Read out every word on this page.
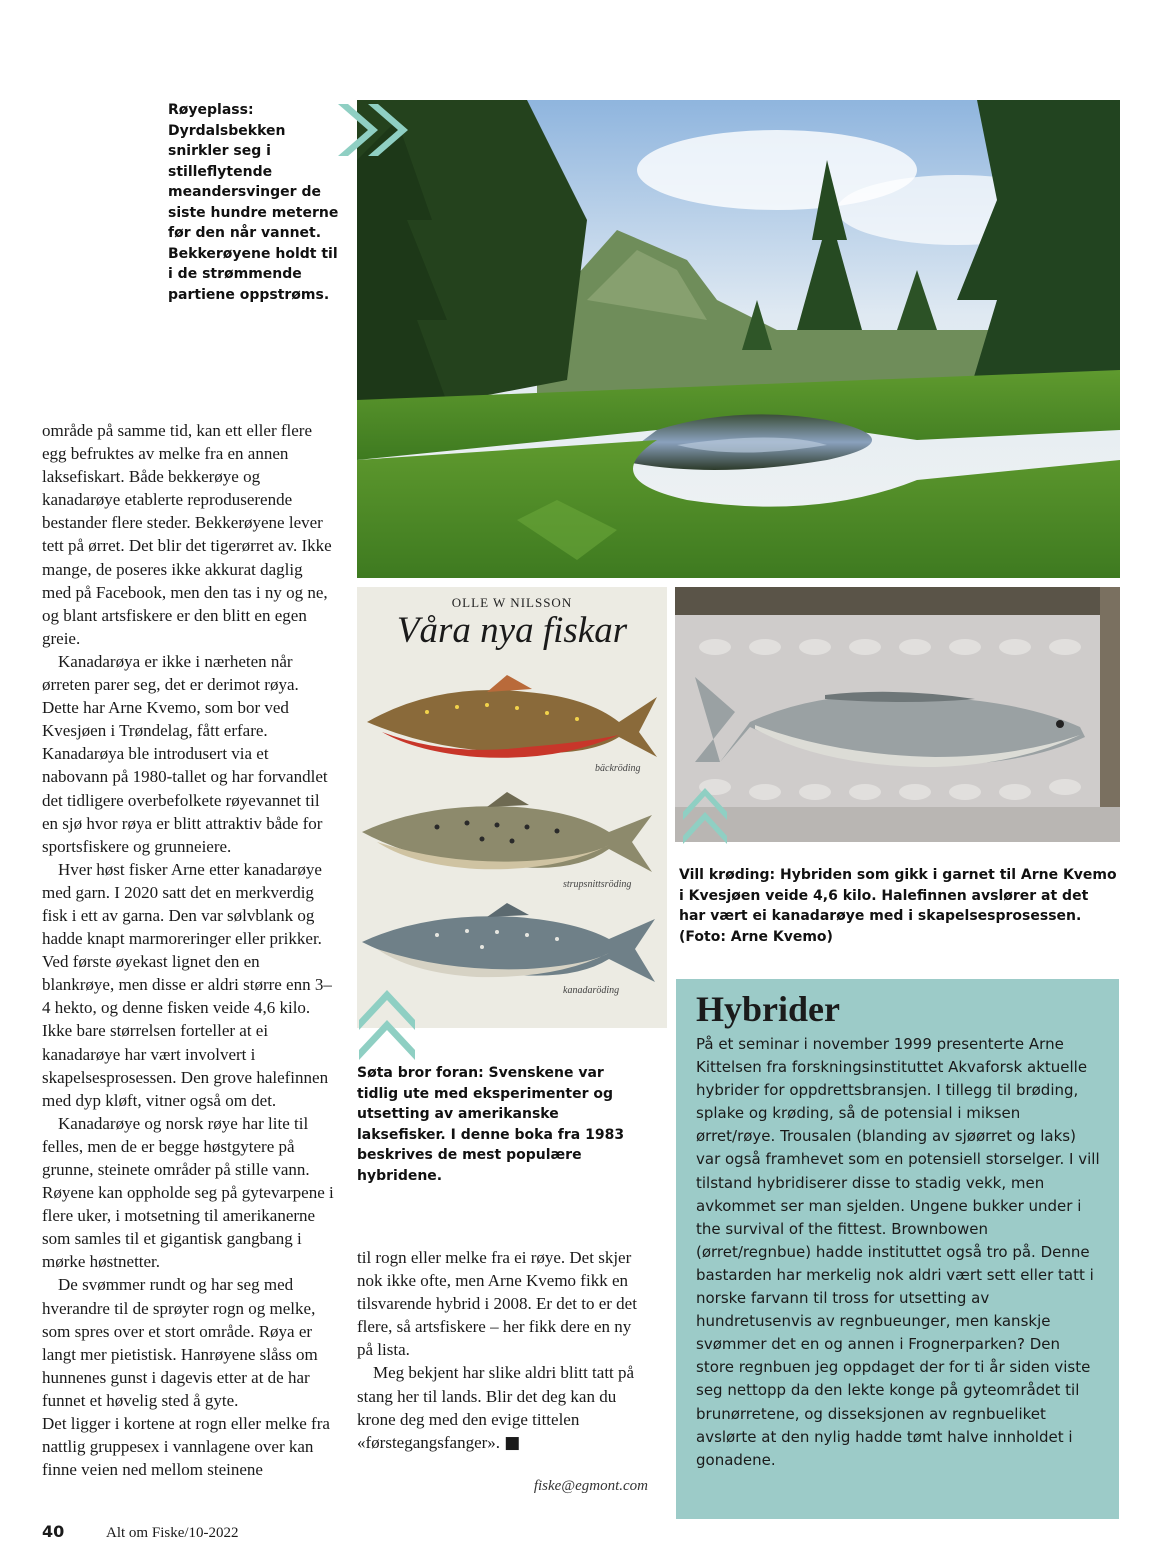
Røyeplass: Dyrdalsbekken snirkler seg i stilleflytende meandersvinger de siste hundre meterne før den når vannet. Bekkerøyene holdt til i de strømmende partiene oppstrøms.
OLLE W NILSSON
Våra nya fiskar
bäckröding
strupsnittsröding
kanadaröding
Vill krøding: Hybriden som gikk i garnet til Arne Kvemo i Kvesjøen veide 4,6 kilo. Halefinnen avslører at det har vært ei kanadarøye med i skapelsesprosessen. (Foto: Arne Kvemo)
Søta bror foran: Svenskene var tidlig ute med eksperimenter og utsetting av amerikanske laksefisker. I denne boka fra 1983 beskrives de mest populære hybridene.

område på samme tid, kan ett eller flere egg befruktes av melke fra en annen laksefiskart. Både bekkerøye og kanadarøye etablerte reproduserende bestander flere steder. Bekkerøyene lever tett på ørret. Det blir det tigerørret av. Ikke mange, de poseres ikke akkurat daglig med på Facebook, men den tas i ny og ne, og blant artsfiskere er den blitt en egen greie.

Kanadarøya er ikke i nærheten når ørreten parer seg, det er derimot røya. Dette har Arne Kvemo, som bor ved Kvesjøen i Trøndelag, fått erfare. Kanadarøya ble introdusert via et nabovann på 1980-tallet og har forvandlet det tidligere overbefolkete røyevannet til en sjø hvor røya er blitt attraktiv både for sportsfiskere og grunneiere.

Hver høst fisker Arne etter kanadarøye med garn. I 2020 satt det en merkverdig fisk i ett av garna. Den var sølvblank og hadde knapt marmoreringer eller prikker. Ved første øyekast lignet den en blankrøye, men disse er aldri større enn 3–4 hekto, og denne fisken veide 4,6 kilo. Ikke bare størrelsen forteller at ei kanadarøye har vært involvert i skapelsesprosessen. Den grove halefinnen med dyp kløft, vitner også om det.

Kanadarøye og norsk røye har lite til felles, men de er begge høstgytere på grunne, steinete områder på stille vann. Røyene kan oppholde seg på gytevarpene i flere uker, i motsetning til amerikanerne som samles til et gigantisk gangbang i mørke høstnetter.

De svømmer rundt og har seg med hverandre til de sprøyter rogn og melke, som spres over et stort område. Røya er langt mer pietistisk. Hanrøyene slåss om hunnenes gunst i dagevis etter at de har funnet et høvelig sted å gyte.

Det ligger i kortene at rogn eller melke fra nattlig gruppesex i vannlagene over kan finne veien ned mellom steinene

til rogn eller melke fra ei røye. Det skjer nok ikke ofte, men Arne Kvemo fikk en tilsvarende hybrid i 2008. Er det to er det flere, så artsfiskere – her fikk dere en ny på lista.

Meg bekjent har slike aldri blitt tatt på stang her til lands. Blir det deg kan du krone deg med den evige tittelen «førstegangsfanger». ■

fiske@egmont.com
Hybrider

På et seminar i november 1999 presenterte Arne Kittelsen fra forskningsinstituttet Akvaforsk aktuelle hybrider for oppdrettsbransjen. I tillegg til brøding, splake og krøding, så de potensial i miksen ørret/røye. Trousalen (blanding av sjøørret og laks) var også framhevet som en potensiell storselger. I vill tilstand hybridiserer disse to stadig vekk, men avkommet ser man sjelden. Ungene bukker under i the survival of the fittest. Brownbowen (ørret/regnbue) hadde instituttet også tro på. Denne bastarden har merkelig nok aldri vært sett eller tatt i norske farvann til tross for utsetting av hundretusenvis av regnbueunger, men kanskje svømmer det en og annen i Frognerparken? Den store regnbuen jeg oppdaget der for ti år siden viste seg nettopp da den lekte konge på gyteområdet til brunørretene, og disseksjonen av regnbueliket avslørte at den nylig hadde tømt halve innholdet i gonadene.

40	Alt om Fiske/10-2022
